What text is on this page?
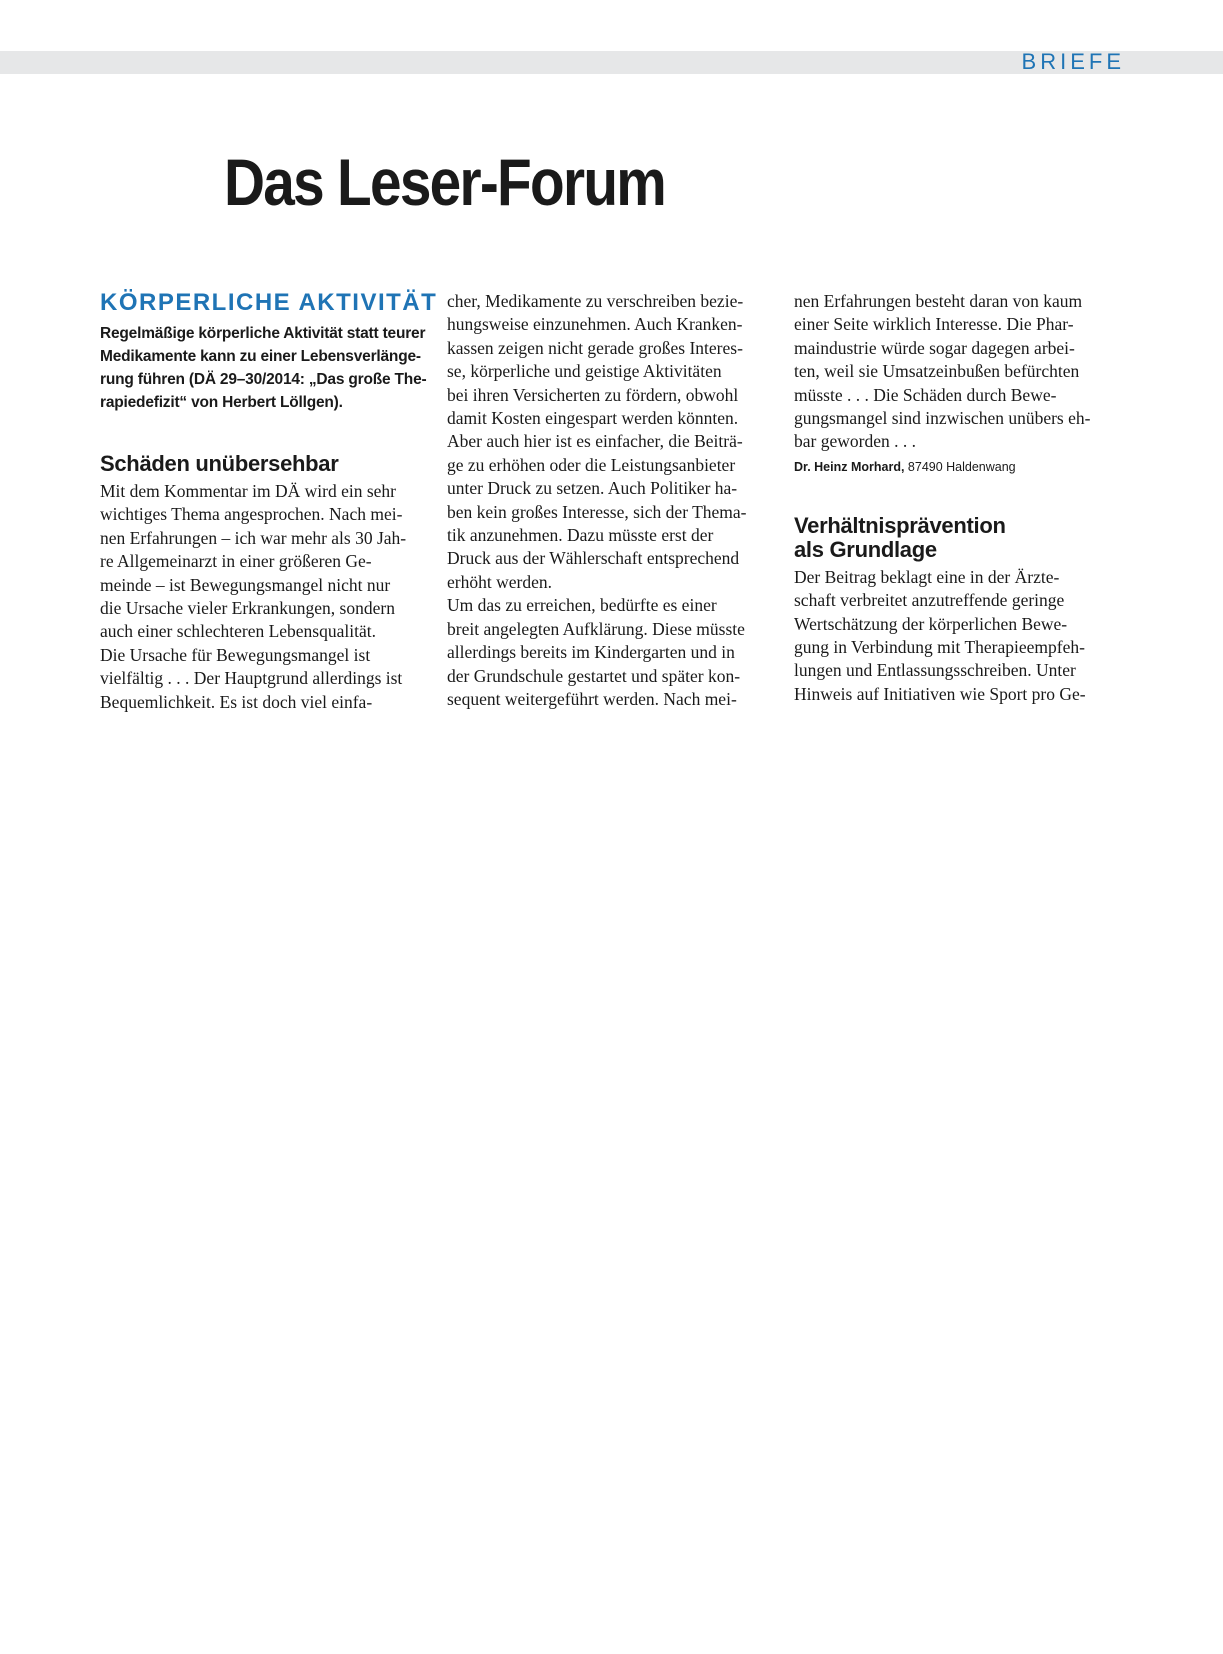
BRIEFE
Das Leser-Forum
KÖRPERLICHE AKTIVITÄT

Regelmäßige körperliche Aktivität statt teurer Medikamente kann zu einer Lebensverlängerung führen (DÄ 29–30/2014: „Das große Therapiedefizit“ von Herbert Löllgen).

Schäden unübersehbar

Mit dem Kommentar im DÄ wird ein sehr
wichtiges Thema angesprochen. Nach mei-
nen Erfahrungen – ich war mehr als 30 Jah-
re Allgemeinarzt in einer größeren Ge-
meinde – ist Bewegungsmangel nicht nur
die Ursache vieler Erkrankungen, sondern
auch einer schlechteren Lebensqualität.
Die Ursache für Bewegungsmangel ist
vielfältig . . . Der Hauptgrund allerdings ist
Bequemlichkeit. Es ist doch viel einfa-

cher, Medikamente zu verschreiben bezie-
hungsweise einzunehmen. Auch Kranken-
kassen zeigen nicht gerade großes Interes-
se, körperliche und geistige Aktivitäten
bei ihren Versicherten zu fördern, obwohl
damit Kosten eingespart werden könnten.
Aber auch hier ist es einfacher, die Beiträ-
ge zu erhöhen oder die Leistungsanbieter
unter Druck zu setzen. Auch Politiker ha-
ben kein großes Interesse, sich der Thema-
tik anzunehmen. Dazu müsste erst der
Druck aus der Wählerschaft entsprechend
erhöht werden.
Um das zu erreichen, bedürfte es einer
breit angelegten Aufklärung. Diese müsste
allerdings bereits im Kindergarten und in
der Grundschule gestartet und später kon-
sequent weitergeführt werden. Nach mei-

nen Erfahrungen besteht daran von kaum
einer Seite wirklich Interesse. Die Phar-
maindustrie würde sogar dagegen arbei-
ten, weil sie Umsatzeinbußen befürchten
müsste . . . Die Schäden durch Bewe-
gungsmangel sind inzwischen unübers eh-
bar geworden . . .

Dr. Heinz Morhard, 87490 Haldenwang

Verhältnisprävention
als Grundlage

Der Beitrag beklagt eine in der Ärzte-
schaft verbreitet anzutreffende geringe
Wertschätzung der körperlichen Bewe-
gung in Verbindung mit Therapieempfeh-
lungen und Entlassungsschreiben. Unter
Hinweis auf Initiativen wie Sport pro Ge-
